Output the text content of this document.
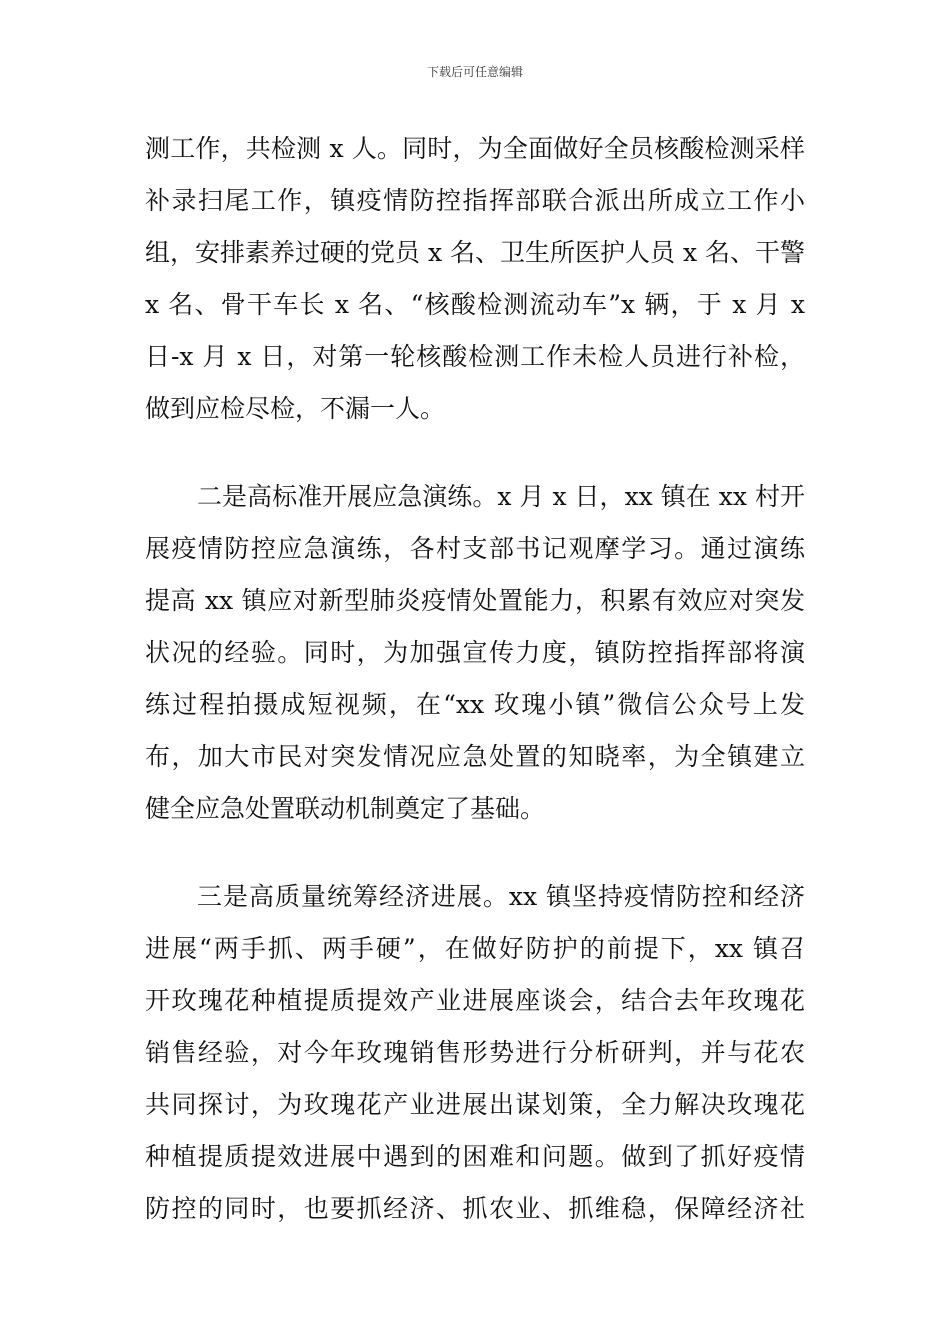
下载后可任意编辑
测工作，共检测 x 人。同时，为全面做好全员核酸检测采样
补录扫尾工作，镇疫情防控指挥部联合派出所成立工作小
组，安排素养过硬的党员 x 名、卫生所医护人员 x 名、干警
x 名、骨干车长 x 名、“核酸检测流动车”x 辆，于 x 月 x
日-x 月 x 日，对第一轮核酸检测工作未检人员进行补检，
做到应检尽检，不漏一人。
二是高标准开展应急演练。x 月 x 日，xx 镇在 xx 村开
展疫情防控应急演练，各村支部书记观摩学习。通过演练
提高 xx 镇应对新型肺炎疫情处置能力，积累有效应对突发
状况的经验。同时，为加强宣传力度，镇防控指挥部将演
练过程拍摄成短视频，在“xx 玫瑰小镇”微信公众号上发
布，加大市民对突发情况应急处置的知晓率，为全镇建立
健全应急处置联动机制奠定了基础。
三是高质量统筹经济进展。xx 镇坚持疫情防控和经济
进展“两手抓、两手硬”，在做好防护的前提下，xx 镇召
开玫瑰花种植提质提效产业进展座谈会，结合去年玫瑰花
销售经验，对今年玫瑰销售形势进行分析研判，并与花农
共同探讨，为玫瑰花产业进展出谋划策，全力解决玫瑰花
种植提质提效进展中遇到的困难和问题。做到了抓好疫情
防控的同时，也要抓经济、抓农业、抓维稳，保障经济社
